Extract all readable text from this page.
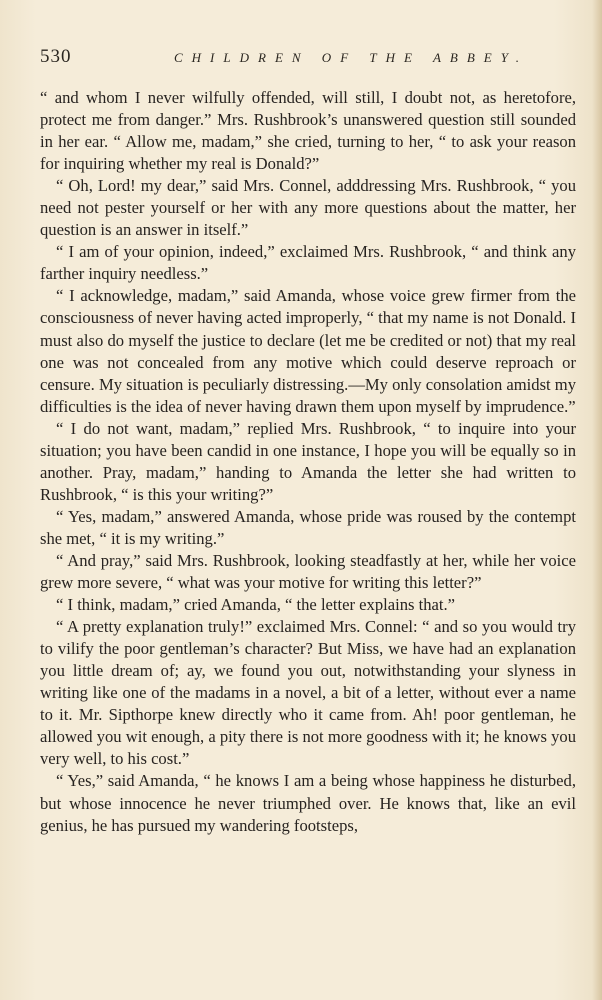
530	CHILDREN OF THE ABBEY.

“ and whom I never wilfully offended, will still, I doubt not, as heretofore, protect me from danger.” Mrs. Rushbrook’s unanswered question still sounded in her ear. “ Allow me, madam,” she cried, turning to her, “ to ask your reason for inquiring whether my real is Donald?”

“ Oh, Lord! my dear,” said Mrs. Connel, adddressing Mrs. Rushbrook, “ you need not pester yourself or her with any more questions about the matter, her question is an answer in itself.”

“ I am of your opinion, indeed,” exclaimed Mrs. Rushbrook, “ and think any farther inquiry needless.”

“ I acknowledge, madam,” said Amanda, whose voice grew firmer from the consciousness of never having acted improperly, “ that my name is not Donald. I must also do myself the justice to declare (let me be credited or not) that my real one was not concealed from any motive which could deserve reproach or censure. My situation is peculiarly distressing.—My only consolation amidst my difficulties is the idea of never having drawn them upon myself by imprudence.”

“ I do not want, madam,” replied Mrs. Rushbrook, “ to inquire into your situation; you have been candid in one instance, I hope you will be equally so in another. Pray, madam,” handing to Amanda the letter she had written to Rushbrook, “ is this your writing?”

“ Yes, madam,” answered Amanda, whose pride was roused by the contempt she met, “ it is my writing.”

“ And pray,” said Mrs. Rushbrook, looking steadfastly at her, while her voice grew more severe, “ what was your motive for writing this letter?”

“ I think, madam,” cried Amanda, “ the letter explains that.”

“ A pretty explanation truly!” exclaimed Mrs. Connel: “ and so you would try to vilify the poor gentleman’s character? But Miss, we have had an explanation you little dream of; ay, we found you out, notwithstanding your slyness in writing like one of the madams in a novel, a bit of a letter, without ever a name to it. Mr. Sipthorpe knew directly who it came from. Ah! poor gentleman, he allowed you wit enough, a pity there is not more goodness with it; he knows you very well, to his cost.”

“ Yes,” said Amanda, “ he knows I am a being whose happiness he disturbed, but whose innocence he never triumphed over. He knows that, like an evil genius, he has pursued my wandering footsteps,
